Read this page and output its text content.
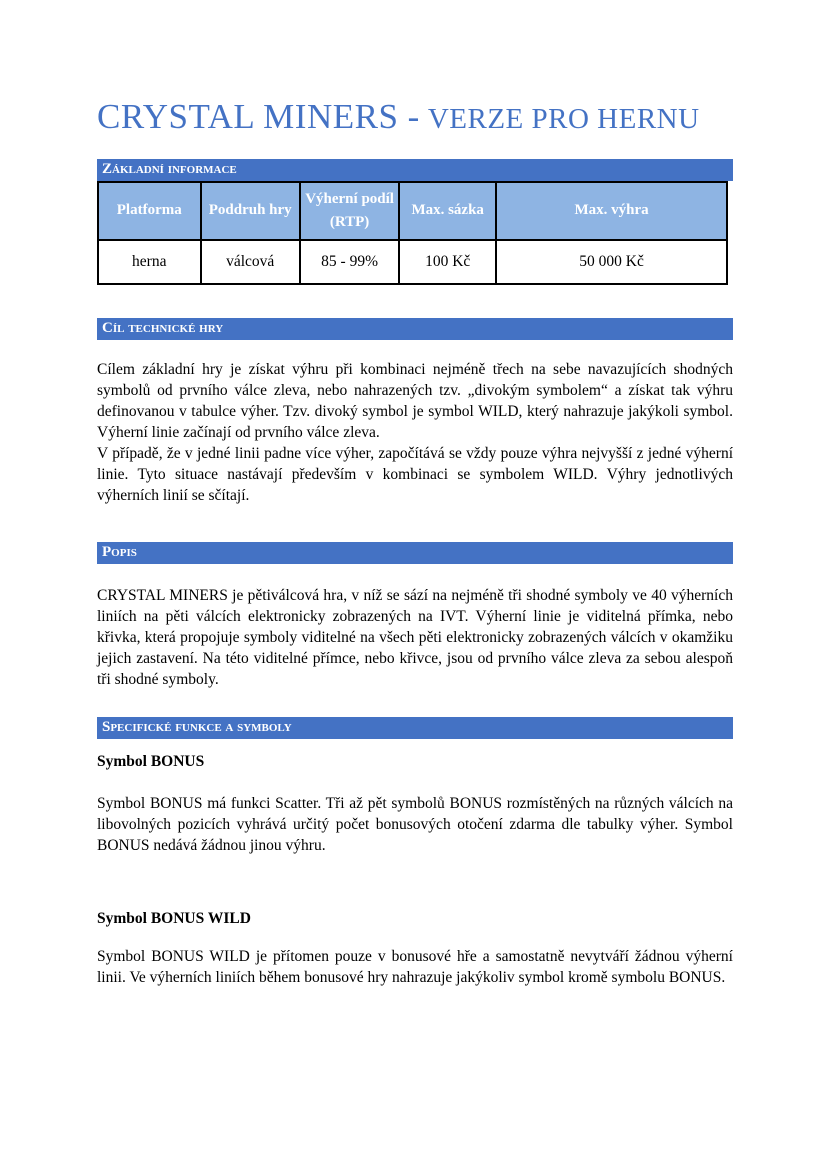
CRYSTAL MINERS - VERZE PRO HERNU
Základní informace
Platforma	Poddruh hry	Výherní podíl (RTP)	Max. sázka	Max. výhra
herna	válcová	85 - 99%	100 Kč	50 000 Kč
Cíl technické hry

Cílem základní hry je získat výhru při kombinaci nejméně třech na sebe navazujících shodných symbolů od prvního válce zleva, nebo nahrazených tzv. „divokým symbolem“ a získat tak výhru definovanou v tabulce výher. Tzv. divoký symbol je symbol WILD, který nahrazuje jakýkoli symbol. Výherní linie začínají od prvního válce zleva.

V případě, že v jedné linii padne více výher, započítává se vždy pouze výhra nejvyšší z jedné výherní linie. Tyto situace nastávají především v kombinaci se symbolem WILD. Výhry jednotlivých výherních linií se sčítají.

Popis

CRYSTAL MINERS je pětiválcová hra, v níž se sází na nejméně tři shodné symboly ve 40 výherních liniích na pěti válcích elektronicky zobrazených na IVT. Výherní linie je viditelná přímka, nebo křivka, která propojuje symboly viditelné na všech pěti elektronicky zobrazených válcích v okamžiku jejich zastavení. Na této viditelné přímce, nebo křivce, jsou od prvního válce zleva za sebou alespoň tři shodné symboly.

Specifické funkce a symboly
Symbol BONUS

Symbol BONUS má funkci Scatter. Tři až pět symbolů BONUS rozmístěných na různých válcích na libovolných pozicích vyhrává určitý počet bonusových otočení zdarma dle tabulky výher. Symbol BONUS nedává žádnou jinou výhru.

Symbol BONUS WILD

Symbol BONUS WILD je přítomen pouze v bonusové hře a samostatně nevytváří žádnou výherní linii. Ve výherních liniích během bonusové hry nahrazuje jakýkoliv symbol kromě symbolu BONUS.
